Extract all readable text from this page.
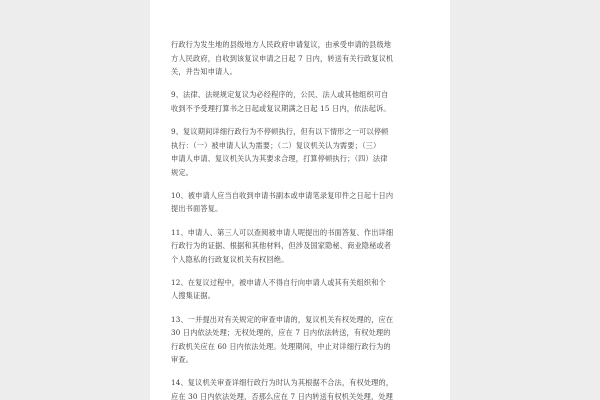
行政行为发生地的县级地方人民政府申请复议，由承受申请的县级地
方人民政府，自收到该复议申请之日起 7 日内，转送有关行政复议机
关，并告知申请人。

9、法律、法规规定复议为必经程序的，公民、法人或其他组织可自
收到不予受理打算书之日起或复议期满之日起 15 日内，依法起诉。

9、复议期间详细行政行为不停顿执行，但有以下情形之一可以停顿
执行：（一）被申请人认为需要；（二）复议机关认为需要；（三）
申请人申请、复议机关认为其要求合理，打算停顿执行；（四）法律
规定。

10、被申请人应当自收到申请书副本或申请笔录复印件之日起十日内
提出书面答复。

11、申请人、第三人可以查阅被申请人呢提出的书面答复、作出详细
行政行为的证据、根据和其他材料，但涉及国家隐秘、商业隐秘或者
个人隐私的行政复议机关有权回绝。

12、在复议过程中，被申请人不得自行向申请人或其有关组织和个
人搜集证据。

13、一并提出对有关规定的审查申请的，复议机关有权处理的，应在
30 日内依法处理；无权处理的，应在 7 日内依法转送，有权处理的
行政机关应在 60 日内依法处理。处理期间，中止对详细行政行为的
审查。

14、复议机关审查详细行政行为时认为其根据不合法，有权处理的，
应在 30 日内依法处理，否那么应在 7 日内转送有权机关处理，处理
